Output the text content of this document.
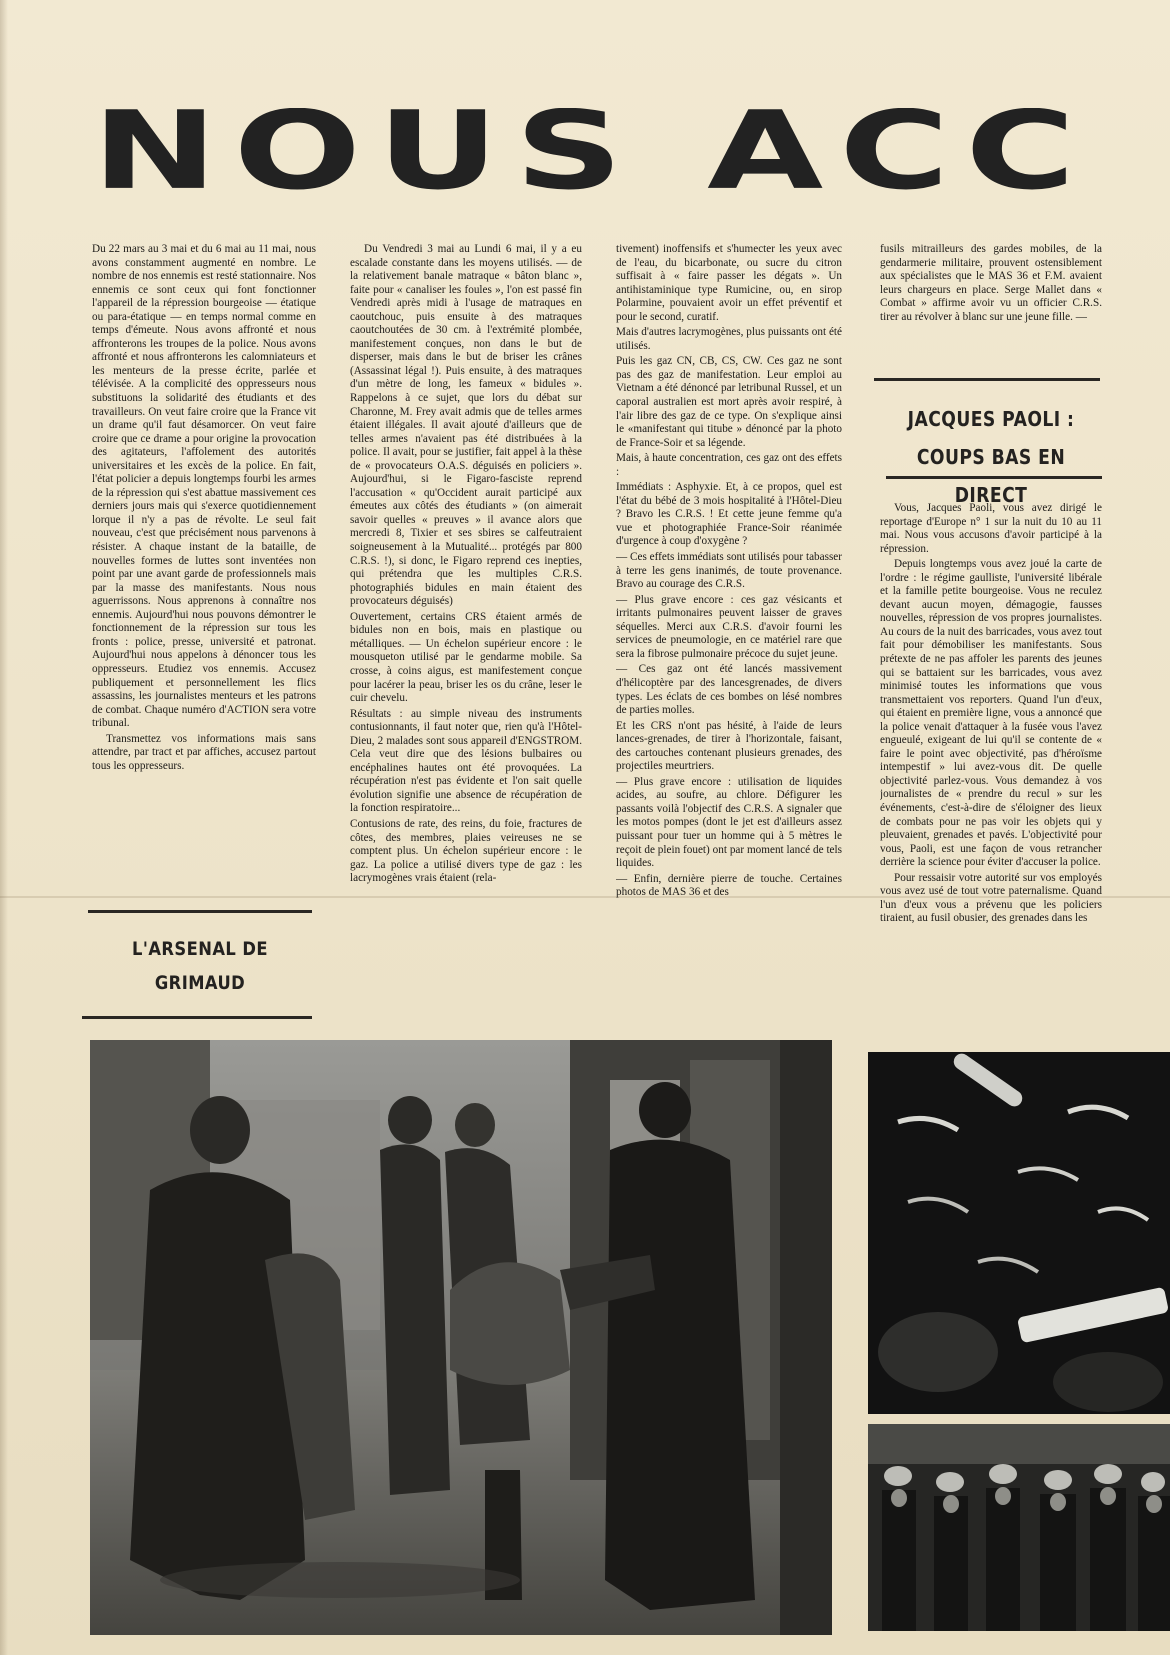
NOUS ACC

Du 22 mars au 3 mai et du 6 mai au 11 mai, nous avons constamment augmenté en nombre. Le nombre de nos ennemis est resté stationnaire. Nos ennemis ce sont ceux qui font fonctionner l'appareil de la répression bourgeoise — étatique ou para-étatique — en temps normal comme en temps d'émeute. Nous avons affronté et nous affronterons les troupes de la police. Nous avons affronté et nous affronterons les calomniateurs et les menteurs de la presse écrite, parlée et télévisée. A la complicité des oppresseurs nous substituons la solidarité des étudiants et des travailleurs. On veut faire croire que la France vit un drame qu'il faut désamorcer. On veut faire croire que ce drame a pour origine la provocation des agitateurs, l'affolement des autorités universitaires et les excès de la police. En fait, l'état policier a depuis longtemps fourbi les armes de la répression qui s'est abattue massivement ces derniers jours mais qui s'exerce quotidiennement lorque il n'y a pas de révolte. Le seul fait nouveau, c'est que précisément nous parvenons à résister. A chaque instant de la bataille, de nouvelles formes de luttes sont inventées non point par une avant garde de professionnels mais par la masse des manifestants. Nous nous aguerrissons. Nous apprenons à connaître nos ennemis. Aujourd'hui nous pouvons démontrer le fonctionnement de la répression sur tous les fronts : police, presse, université et patronat. Aujourd'hui nous appelons à dénoncer tous les oppresseurs. Etudiez vos ennemis. Accusez publiquement et personnellement les flics assassins, les journalistes menteurs et les patrons de combat. Chaque numéro d'ACTION sera votre tribunal.

Transmettez vos informations mais sans attendre, par tract et par affiches, accusez partout tous les oppresseurs.

L'ARSENAL DE
GRIMAUD

Du Vendredi 3 mai au Lundi 6 mai, il y a eu escalade constante dans les moyens utilisés. — de la relativement banale matraque « bâton blanc », faite pour « canaliser les foules », l'on est passé fin Vendredi après midi à l'usage de matraques en caoutchouc, puis ensuite à des matraques caoutchoutées de 30 cm. à l'extrémité plombée, manifestement conçues, non dans le but de disperser, mais dans le but de briser les crânes (Assassinat légal !). Puis ensuite, à des matraques d'un mètre de long, les fameux « bidules ». Rappelons à ce sujet, que lors du débat sur Charonne, M. Frey avait admis que de telles armes étaient illégales. Il avait ajouté d'ailleurs que de telles armes n'avaient pas été distribuées à la police. Il avait, pour se justifier, fait appel à la thèse de « provocateurs O.A.S. déguisés en policiers ». Aujourd'hui, si le Figaro-fasciste reprend l'accusation « qu'Occident aurait participé aux émeutes aux côtés des étudiants » (on aimerait savoir quelles « preuves » il avance alors que mercredi 8, Tixier et ses sbires se calfeutraient soigneusement à la Mutualité... protégés par 800 C.R.S. !), si donc, le Figaro reprend ces inepties, qui prétendra que les multiples C.R.S. photographiés bidules en main étaient des provocateurs déguisés)

Ouvertement, certains CRS étaient armés de bidules non en bois, mais en plastique ou métalliques. — Un échelon supérieur encore : le mousqueton utilisé par le gendarme mobile. Sa crosse, à coins aigus, est manifestement conçue pour lacérer la peau, briser les os du crâne, leser le cuir chevelu.

Résultats : au simple niveau des instruments contusionnants, il faut noter que, rien qu'à l'Hôtel-Dieu, 2 malades sont sous appareil d'ENGSTROM. Cela veut dire que des lésions bulbaires ou encéphalines hautes ont été provoquées. La récupération n'est pas évidente et l'on sait quelle évolution signifie une absence de récupération de la fonction respiratoire...

Contusions de rate, des reins, du foie, fractures de côtes, des membres, plaies veireuses ne se comptent plus. Un échelon supérieur encore : le gaz. La police a utilisé divers type de gaz : les lacrymogènes vrais étaient (rela-

tivement) inoffensifs et s'humecter les yeux avec de l'eau, du bicarbonate, ou sucre du citron suffisait à « faire passer les dégats ». Un antihistaminique type Rumicine, ou, en sirop Polarmine, pouvaient avoir un effet préventif et pour le second, curatif.

Mais d'autres lacrymogènes, plus puissants ont été utilisés.

Puis les gaz CN, CB, CS, CW. Ces gaz ne sont pas des gaz de manifestation. Leur emploi au Vietnam a été dénoncé par letribunal Russel, et un caporal australien est mort après avoir respiré, à l'air libre des gaz de ce type. On s'explique ainsi le «manifestant qui titube » dénoncé par la photo de France-Soir et sa légende.

Mais, à haute concentration, ces gaz ont des effets :

Immédiats : Asphyxie. Et, à ce propos, quel est l'état du bébé de 3 mois hospitalité à l'Hôtel-Dieu ? Bravo les C.R.S. ! Et cette jeune femme qu'a vue et photographiée France-Soir réanimée d'urgence à coup d'oxygène ?

— Ces effets immédiats sont utilisés pour tabasser à terre les gens inanimés, de toute provenance. Bravo au courage des C.R.S.

— Plus grave encore : ces gaz vésicants et irritants pulmonaires peuvent laisser de graves séquelles. Merci aux C.R.S. d'avoir fourni les services de pneumologie, en ce matériel rare que sera la fibrose pulmonaire précoce du sujet jeune.

— Ces gaz ont été lancés massivement d'hélicoptère par des lancesgrenades, de divers types. Les éclats de ces bombes on lésé nombres de parties molles.

Et les CRS n'ont pas hésité, à l'aide de leurs lances-grenades, de tirer à l'horizontale, faisant, des cartouches contenant plusieurs grenades, des projectiles meurtriers.

— Plus grave encore : utilisation de liquides acides, au soufre, au chlore. Défigurer les passants voilà l'objectif des C.R.S. A signaler que les motos pompes (dont le jet est d'ailleurs assez puissant pour tuer un homme qui à 5 mètres le reçoit de plein fouet) ont par moment lancé de tels liquides.

— Enfin, dernière pierre de touche. Certaines photos de MAS 36 et des

fusils mitrailleurs des gardes mobiles, de la gendarmerie militaire, prouvent ostensiblement aux spécialistes que le MAS 36 et F.M. avaient leurs chargeurs en place. Serge Mallet dans « Combat » affirme avoir vu un officier C.R.S. tirer au révolver à blanc sur une jeune fille. —

JACQUES PAOLI :
COUPS BAS EN DIRECT

Vous, Jacques Paoli, vous avez dirigé le reportage d'Europe n° 1 sur la nuit du 10 au 11 mai. Nous vous accusons d'avoir participé à la répression.

Depuis longtemps vous avez joué la carte de l'ordre : le régime gaulliste, l'université libérale et la famille petite bourgeoise. Vous ne reculez devant aucun moyen, démagogie, fausses nouvelles, répression de vos propres journalistes. Au cours de la nuit des barricades, vous avez tout fait pour démobiliser les manifestants. Sous prétexte de ne pas affoler les parents des jeunes qui se battaient sur les barricades, vous avez minimisé toutes les informations que vous transmettaient vos reporters. Quand l'un d'eux, qui étaient en première ligne, vous a annoncé que la police venait d'attaquer à la fusée vous l'avez engueulé, exigeant de lui qu'il se contente de « faire le point avec objectivité, pas d'héroïsme intempestif » lui avez-vous dit. De quelle objectivité parlez-vous. Vous demandez à vos journalistes de « prendre du recul » sur les événements, c'est-à-dire de s'éloigner des lieux de combats pour ne pas voir les objets qui y pleuvaient, grenades et pavés. L'objectivité pour vous, Paoli, est une façon de vous retrancher derrière la science pour éviter d'accuser la police.

Pour ressaisir votre autorité sur vos employés vous avez usé de tout votre paternalisme. Quand l'un d'eux vous a prévenu que les policiers tiraient, au fusil obusier, des grenades dans les
